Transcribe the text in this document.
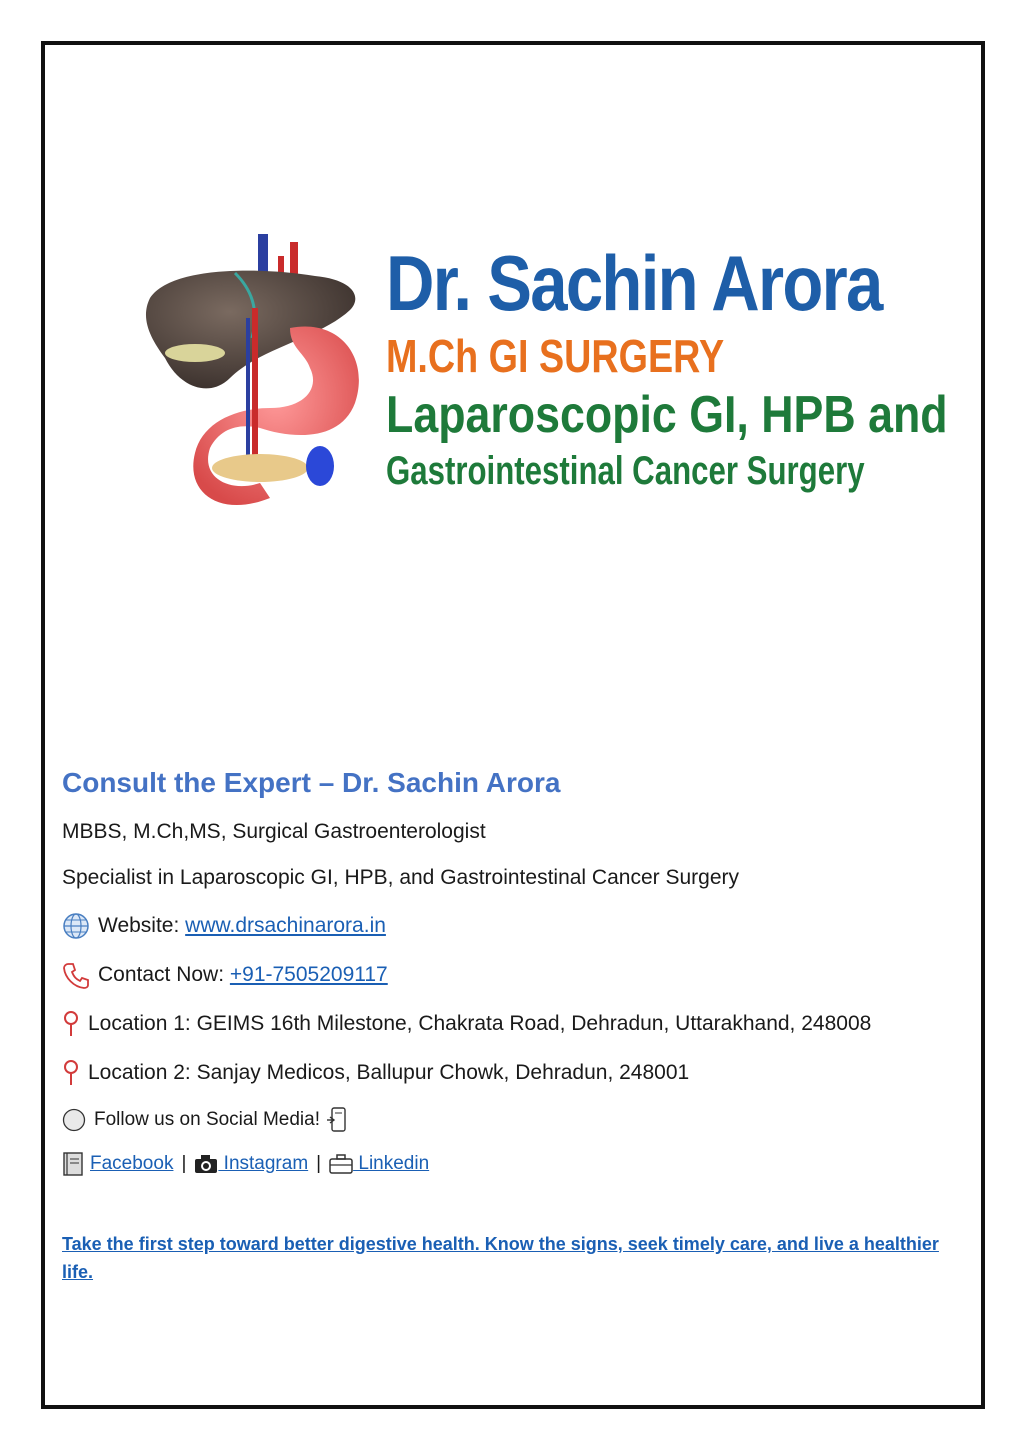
Dr. Sachin Arora
M.Ch GI SURGERY
Laparoscopic GI, HPB and
Gastrointestinal Cancer Surgery
Consult the Expert – Dr. Sachin Arora

MBBS, M.Ch,MS, Surgical Gastroenterologist

Specialist in Laparoscopic GI, HPB, and Gastrointestinal Cancer Surgery

Website: www.drsachinarora.in
Contact Now: +91-7505209117
Location 1: GEIMS 16th Milestone, Chakrata Road, Dehradun, Uttarakhand, 248008
Location 2: Sanjay Medicos, Ballupur Chowk, Dehradun, 248001
Follow us on Social Media!
Facebook | Instagram | Linkedin
Take the first step toward better digestive health. Know the signs, seek timely care, and live a healthier life.
